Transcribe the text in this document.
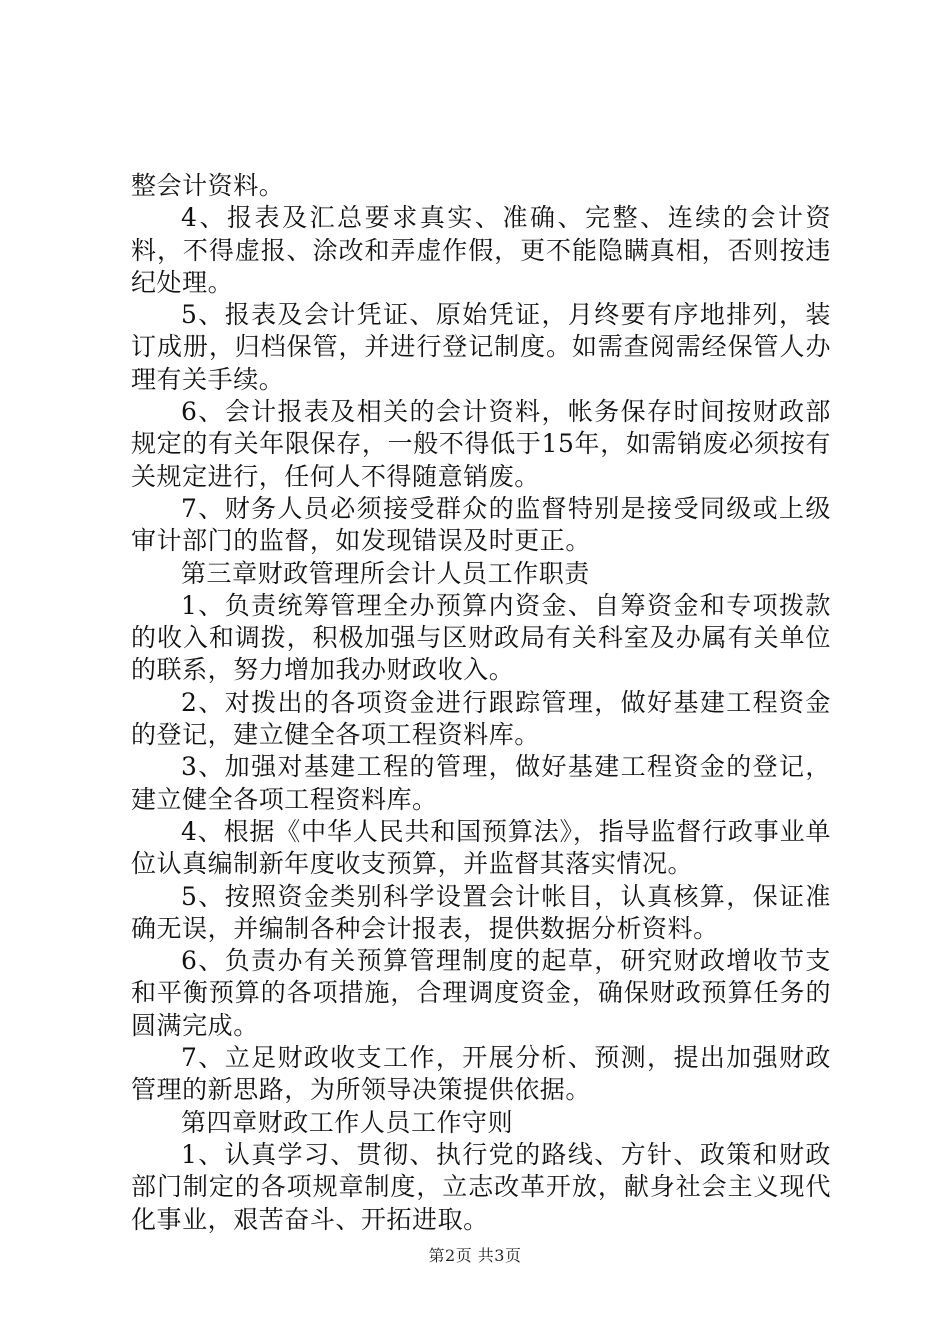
整会计资料。

4、报表及汇总要求真实、准确、完整、连续的会计资料，不得虚报、涂改和弄虚作假，更不能隐瞒真相，否则按违纪处理。

5、报表及会计凭证、原始凭证，月终要有序地排列，装订成册，归档保管，并进行登记制度。如需查阅需经保管人办理有关手续。

6、会计报表及相关的会计资料，帐务保存时间按财政部规定的有关年限保存，一般不得低于15年，如需销废必须按有关规定进行，任何人不得随意销废。

7、财务人员必须接受群众的监督特别是接受同级或上级审计部门的监督，如发现错误及时更正。

第三章财政管理所会计人员工作职责

1、负责统筹管理全办预算内资金、自筹资金和专项拨款的收入和调拨，积极加强与区财政局有关科室及办属有关单位的联系，努力增加我办财政收入。

2、对拨出的各项资金进行跟踪管理，做好基建工程资金的登记，建立健全各项工程资料库。

3、加强对基建工程的管理，做好基建工程资金的登记，建立健全各项工程资料库。

4、根据《中华人民共和国预算法》，指导监督行政事业单位认真编制新年度收支预算，并监督其落实情况。

5、按照资金类别科学设置会计帐目，认真核算，保证准确无误，并编制各种会计报表，提供数据分析资料。

6、负责办有关预算管理制度的起草，研究财政增收节支和平衡预算的各项措施，合理调度资金，确保财政预算任务的圆满完成。

7、立足财政收支工作，开展分析、预测，提出加强财政管理的新思路，为所领导决策提供依据。

第四章财政工作人员工作守则

1、认真学习、贯彻、执行党的路线、方针、政策和财政部门制定的各项规章制度，立志改革开放，献身社会主义现代化事业，艰苦奋斗、开拓进取。

第2页 共3页
